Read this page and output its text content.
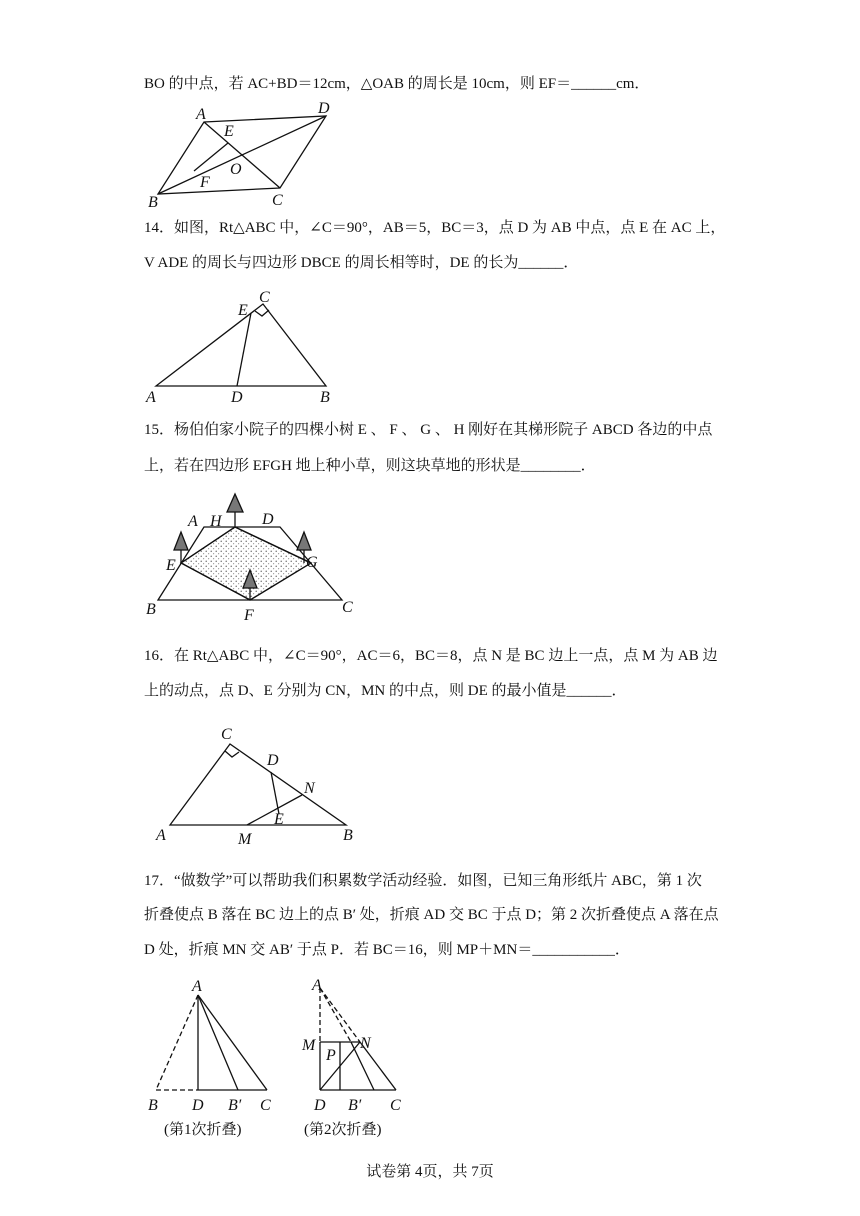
BO 的中点，若 AC+BD＝12cm，△OAB 的周长是 10cm，则 EF＝______cm．
A	D
E
O
F
B	C
14．如图，Rt△ABC 中，∠C＝90°，AB＝5，BC＝3，点 D 为 AB 中点，点 E 在 AC 上，
V ADE 的周长与四边形 DBCE 的周长相等时，DE 的长为______．
E
C
A	D	B
15．杨伯伯家小院子的四棵小树 E 、 F 、 G 、 H 刚好在其梯形院子 ABCD 各边的中点
上，若在四边形 EFGH 地上种小草，则这块草地的形状是________．
A H	D
E	G
B	F	C
16．在 Rt△ABC 中，∠C＝90°，AC＝6，BC＝8，点 N 是 BC 边上一点，点 M 为 AB 边
上的动点，点 D、E 分别为 CN，MN 的中点，则 DE 的最小值是______．
C
D
N
E
A	M	B
17．“做数学”可以帮助我们积累数学活动经验．如图，已知三角形纸片 ABC，第 1 次
折叠使点 B 落在 BC 边上的点 B′ 处，折痕 AD 交 BC 于点 D；第 2 次折叠使点 A 落在点
D 处，折痕 MN 交 AB′ 于点 P．若 BC＝16，则 MP＋MN＝___________．
A
B D B′ C
(第1次折叠)
A
M	N
P
D B′ C
(第2次折叠)
试卷第 4页，共 7页
